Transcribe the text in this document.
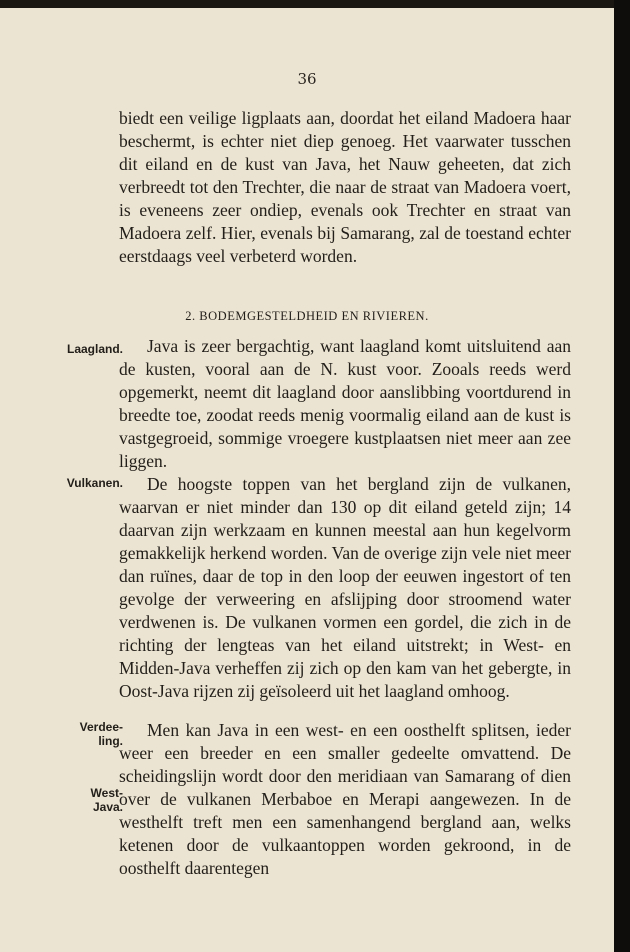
36
biedt een veilige ligplaats aan, doordat het eiland Madoera haar beschermt, is echter niet diep genoeg. Het vaarwater tusschen dit eiland en de kust van Java, het Nauw geheeten, dat zich verbreedt tot den Trechter, die naar de straat van Madoera voert, is eveneens zeer ondiep, evenals ook Trechter en straat van Madoera zelf. Hier, evenals bij Samarang, zal de toestand echter eerstdaags veel verbeterd worden.
2. BODEMGESTELDHEID EN RIVIEREN.
Laagland.	Java is zeer bergachtig, want laagland komt uitsluitend aan de kusten, vooral aan de N. kust voor. Zooals reeds werd opgemerkt, neemt dit laagland door aanslibbing voortdurend in breedte toe, zoodat reeds menig voormalig eiland aan de kust is vastgegroeid, sommige vroegere kustplaatsen niet meer aan zee liggen.
Vulkanen.	De hoogste toppen van het bergland zijn de vulkanen, waarvan er niet minder dan 130 op dit eiland geteld zijn; 14 daarvan zijn werkzaam en kunnen meestal aan hun kegelvorm gemakkelijk herkend worden. Van de overige zijn vele niet meer dan ruïnes, daar de top in den loop der eeuwen ingestort of ten gevolge der verweering en afslijping door stroomend water verdwenen is. De vulkanen vormen een gordel, die zich in de richting der lengteas van het eiland uitstrekt; in West- en Midden-Java verheffen zij zich op den kam van het gebergte, in Oost-Java rijzen zij geïsoleerd uit het laagland omhoog.
Verdee-ling.
West-Java.
Men kan Java in een west- en een oosthelft splitsen, ieder weer een breeder en een smaller gedeelte omvattend. De scheidingslijn wordt door den meridiaan van Samarang of dien over de vulkanen Merbaboe en Merapi aangewezen. In de westhelft treft men een samenhangend bergland aan, welks ketenen door de vulkaantoppen worden gekroond, in de oosthelft daarentegen
